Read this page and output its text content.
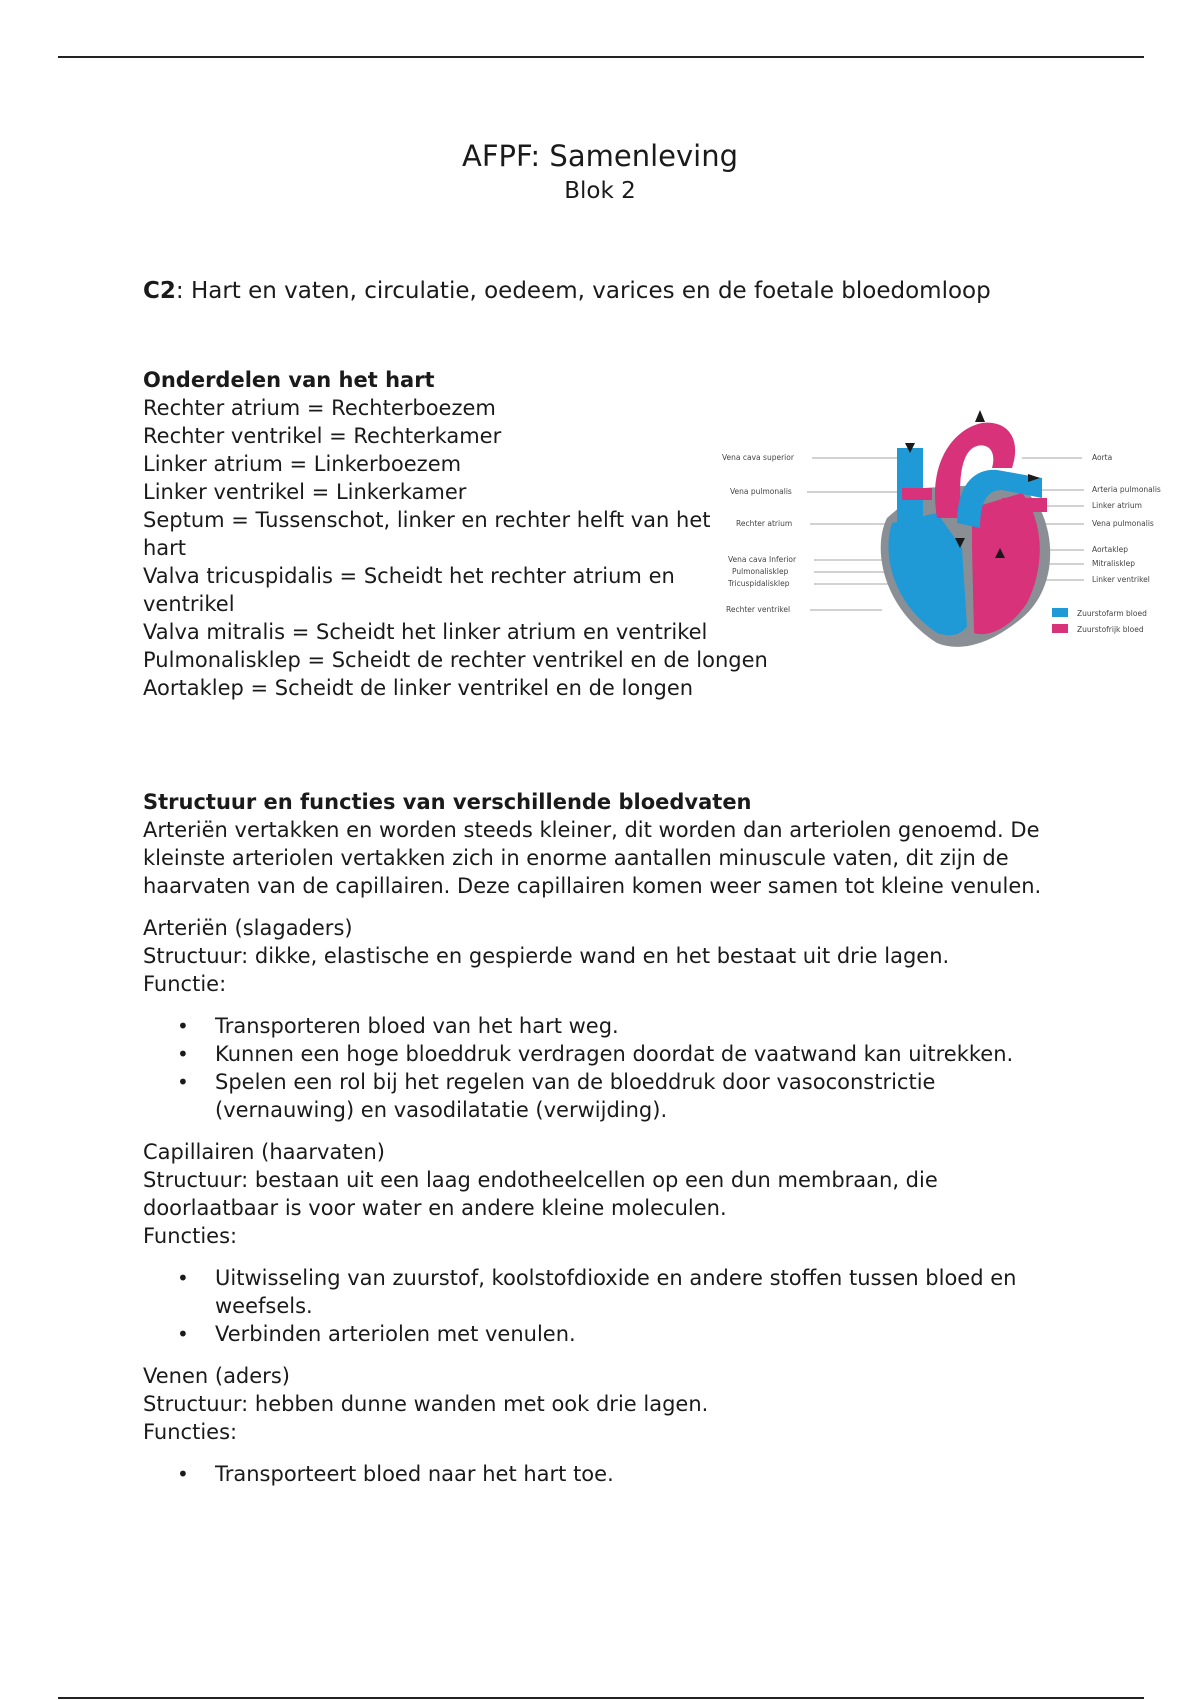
AFPF: Samenleving
Blok 2
C2: Hart en vaten, circulatie, oedeem, varices en de foetale bloedomloop

Onderdelen van het hart

Rechter atrium = Rechterboezem

Rechter ventrikel = Rechterkamer

Linker atrium = Linkerboezem

Linker ventrikel = Linkerkamer

Septum = Tussenschot, linker en rechter helft van het hart

Valva tricuspidalis = Scheidt het rechter atrium en ventrikel

Valva mitralis = Scheidt het linker atrium en ventrikel

Pulmonalisklep = Scheidt de rechter ventrikel en de longen

Aortaklep = Scheidt de linker ventrikel en de longen

Vena cava superior
Vena pulmonalis
Rechter atrium
Vena cava Inferior
Pulmonalisklep
Tricuspidalisklep
Rechter ventrikel
Aorta
Arteria pulmonalis
Linker atrium
Vena pulmonalis
Aortaklep
Mitralisklep
Linker ventrikel
Zuurstofarm bloed
Zuurstofrijk bloed

Structuur en functies van verschillende bloedvaten

Arteriën vertakken en worden steeds kleiner, dit worden dan arteriolen genoemd. De kleinste arteriolen vertakken zich in enorme aantallen minuscule vaten, dit zijn de haarvaten van de capillairen. Deze capillairen komen weer samen tot kleine venulen.

Arteriën (slagaders)

Structuur: dikke, elastische en gespierde wand en het bestaat uit drie lagen.

Functie:

• Transporteren bloed van het hart weg.
• Kunnen een hoge bloeddruk verdragen doordat de vaatwand kan uitrekken.
• Spelen een rol bij het regelen van de bloeddruk door vasoconstrictie (vernauwing) en vasodilatatie (verwijding).

Capillairen (haarvaten)

Structuur: bestaan uit een laag endotheelcellen op een dun membraan, die doorlaatbaar is voor water en andere kleine moleculen.

Functies:

• Uitwisseling van zuurstof, koolstofdioxide en andere stoffen tussen bloed en weefsels.
• Verbinden arteriolen met venulen.

Venen (aders)

Structuur: hebben dunne wanden met ook drie lagen.

Functies:

• Transporteert bloed naar het hart toe.
